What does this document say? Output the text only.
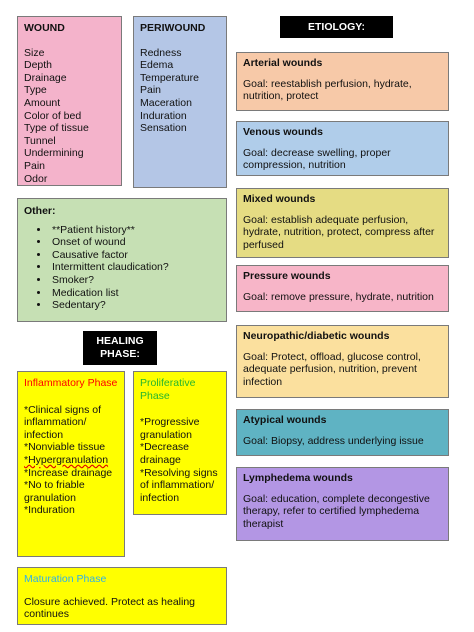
WOUND
Size
Depth
Drainage
Type
Amount
Color of bed
Type of tissue
Tunnel
Undermining
Pain
Odor
PERIWOUND
Redness
Edema
Temperature
Pain
Maceration
Induration
Sensation
ETIOLOGY:
Other:
• **Patient history**
• Onset of wound
• Causative factor
• Intermittent claudication?
• Smoker?
• Medication list
• Sedentary?
HEALING PHASE:
Arterial wounds
Goal: reestablish perfusion, hydrate, nutrition, protect
Venous wounds
Goal: decrease swelling, proper compression, nutrition
Mixed wounds
Goal: establish adequate perfusion, hydrate, nutrition, protect, compress after perfused
Pressure wounds
Goal: remove pressure, hydrate, nutrition
Neuropathic/diabetic wounds
Goal: Protect, offload, glucose control, adequate perfusion, nutrition, prevent infection
Atypical wounds
Goal: Biopsy, address underlying issue
Lymphedema wounds
Goal: education, complete decongestive therapy, refer to certified lymphedema therapist
Inflammatory Phase
*Clinical signs of inflammation/ infection
*Nonviable tissue
*Hypergranulation
*Increase drainage
*No to friable granulation
*Induration
Proliferative Phase
*Progressive granulation
*Decrease drainage
*Resolving signs of inflammation/ infection
Maturation Phase
Closure achieved. Protect as healing continues
